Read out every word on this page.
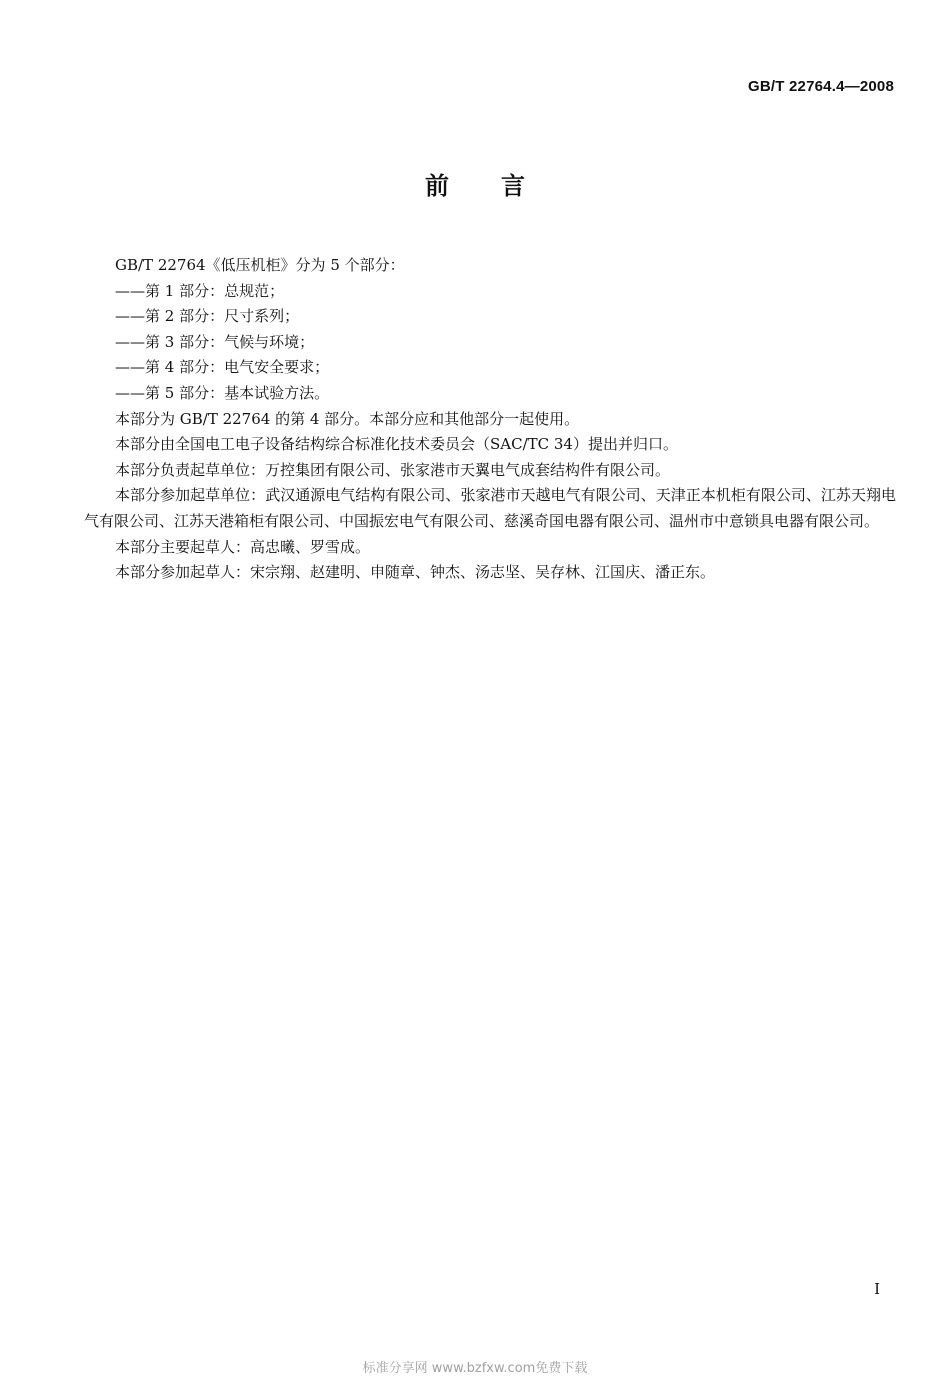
GB/T 22764.4—2008
前 言

GB/T 22764《低压机柜》分为 5 个部分：

——第 1 部分：总规范；

——第 2 部分：尺寸系列；

——第 3 部分：气候与环境；

——第 4 部分：电气安全要求；

——第 5 部分：基本试验方法。

本部分为 GB/T 22764 的第 4 部分。本部分应和其他部分一起使用。

本部分由全国电工电子设备结构综合标准化技术委员会（SAC/TC 34）提出并归口。

本部分负责起草单位：万控集团有限公司、张家港市天翼电气成套结构件有限公司。

本部分参加起草单位：武汉通源电气结构有限公司、张家港市天越电气有限公司、天津正本机柜有限公司、江苏天翔电气有限公司、江苏天港箱柜有限公司、中国振宏电气有限公司、慈溪奇国电器有限公司、温州市中意锁具电器有限公司。

本部分主要起草人：高忠曦、罗雪成。

本部分参加起草人：宋宗翔、赵建明、申随章、钟杰、汤志坚、吴存林、江国庆、潘正东。

I
标准分享网 www.bzfxw.com免费下载
